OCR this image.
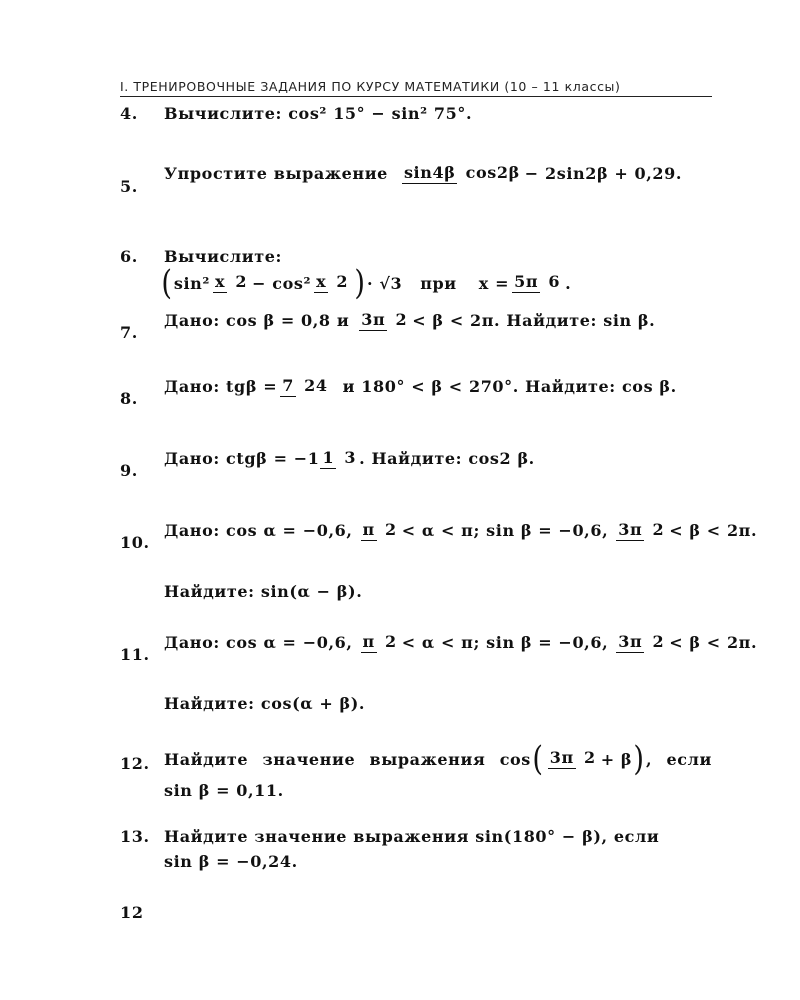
I. ТРЕНИРОВОЧНЫЕ ЗАДАНИЯ ПО КУРСУ МАТЕМАТИКИ (10 – 11 классы)
4. Вычислите: cos² 15° − sin² 75°.
5.
Упростите выражение sin4β cos2β − 2sin2β + 0,29.
6. Вычислите:
( sin² x 2 − cos² x 2 ) · √3 при x = 5π 6 .
7.
Дано: cos β = 0,8 и 3π 2 < β < 2π. Найдите: sin β.
8.
Дано: tgβ = 7 24 и 180° < β < 270°. Найдите: cos β.
9.
Дано: ctgβ = −1 1 3 . Найдите: cos2 β.
10.
Дано: cos α = −0,6, π 2 < α < π; sin β = −0,6, 3π 2 < β < 2π.
Найдите: sin(α − β).
11.
Дано: cos α = −0,6, π 2 < α < π; sin β = −0,6, 3π 2 < β < 2π.
Найдите: cos(α + β).
12. Найдите значение выражения cos ( 3π 2 + β ) , если
sin β = 0,11.
13. Найдите значение выражения sin(180° − β), если
sin β = −0,24.
12
